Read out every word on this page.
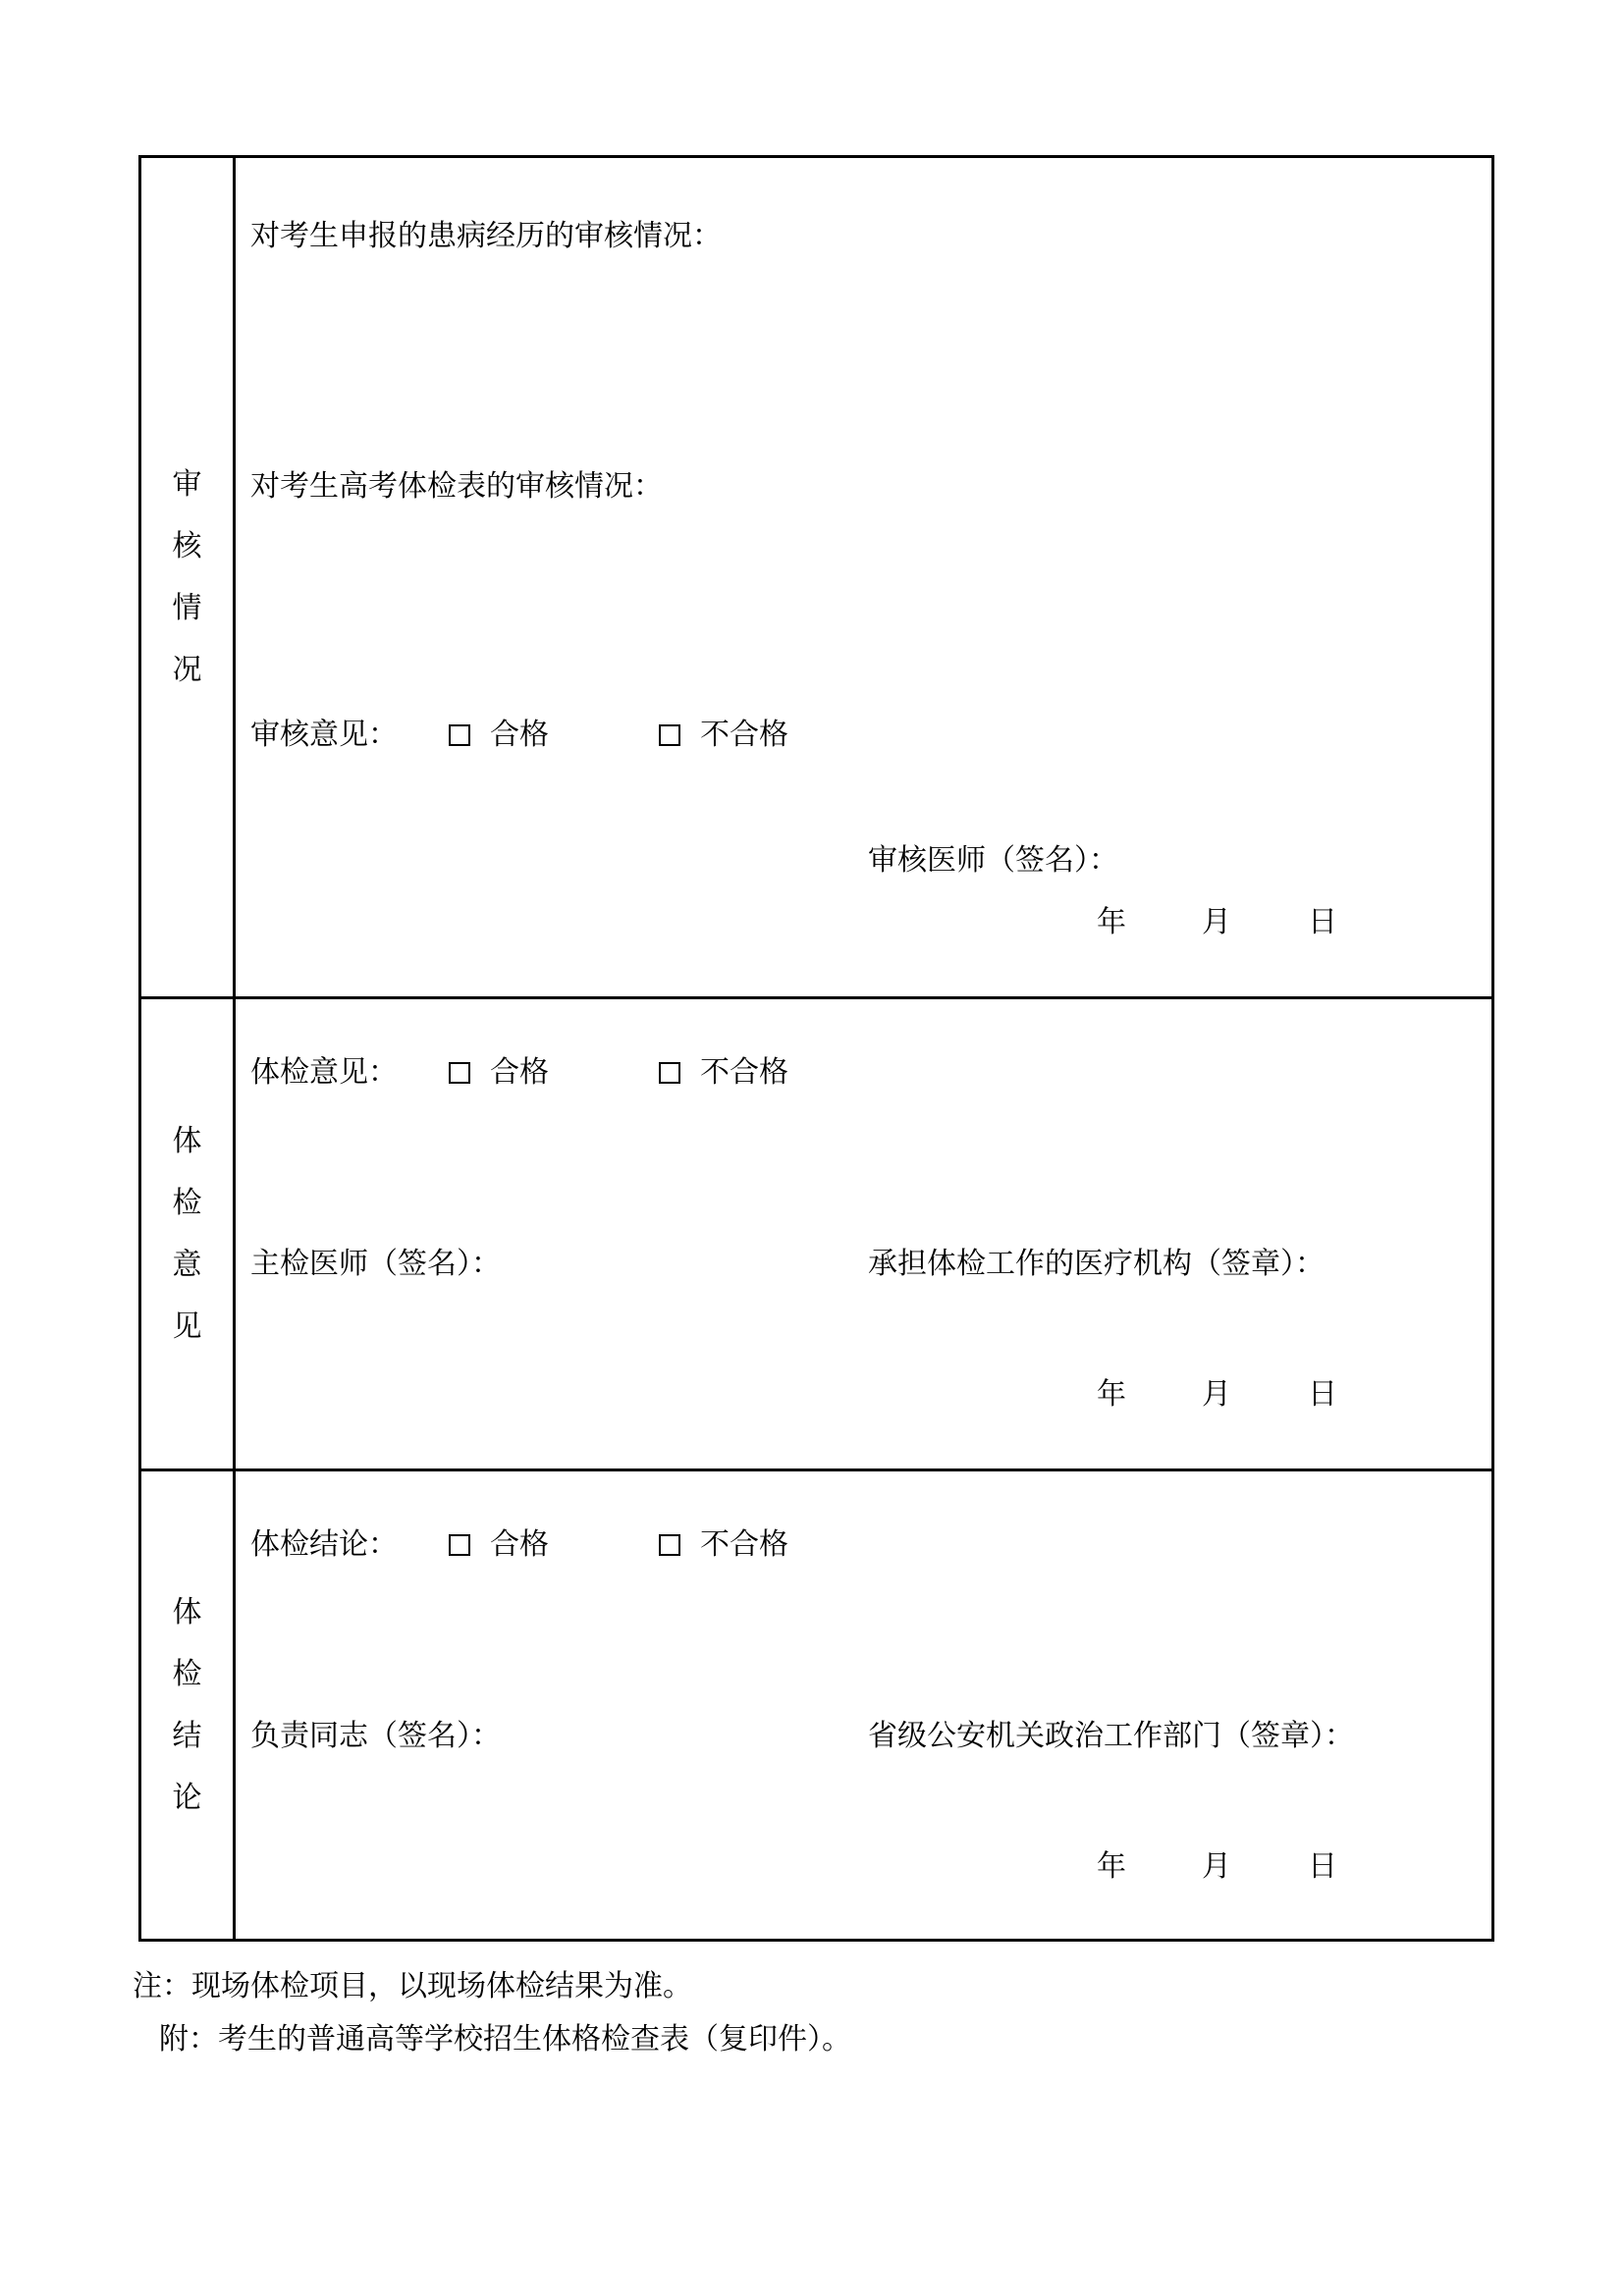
审
核
情
况
对考生申报的患病经历的审核情况：
对考生高考体检表的审核情况：
审核意见：	合格	不合格
审核医师（签名）：
年	月	日
体
检
意
见
体检意见：	合格	不合格
主检医师（签名）：	承担体检工作的医疗机构（签章）：
年	月	日
体
检
结
论
体检结论：	合格	不合格
负责同志（签名）：	省级公安机关政治工作部门（签章）：
年	月	日
注：现场体检项目，以现场体检结果为准。
附：考生的普通高等学校招生体格检查表（复印件）。
